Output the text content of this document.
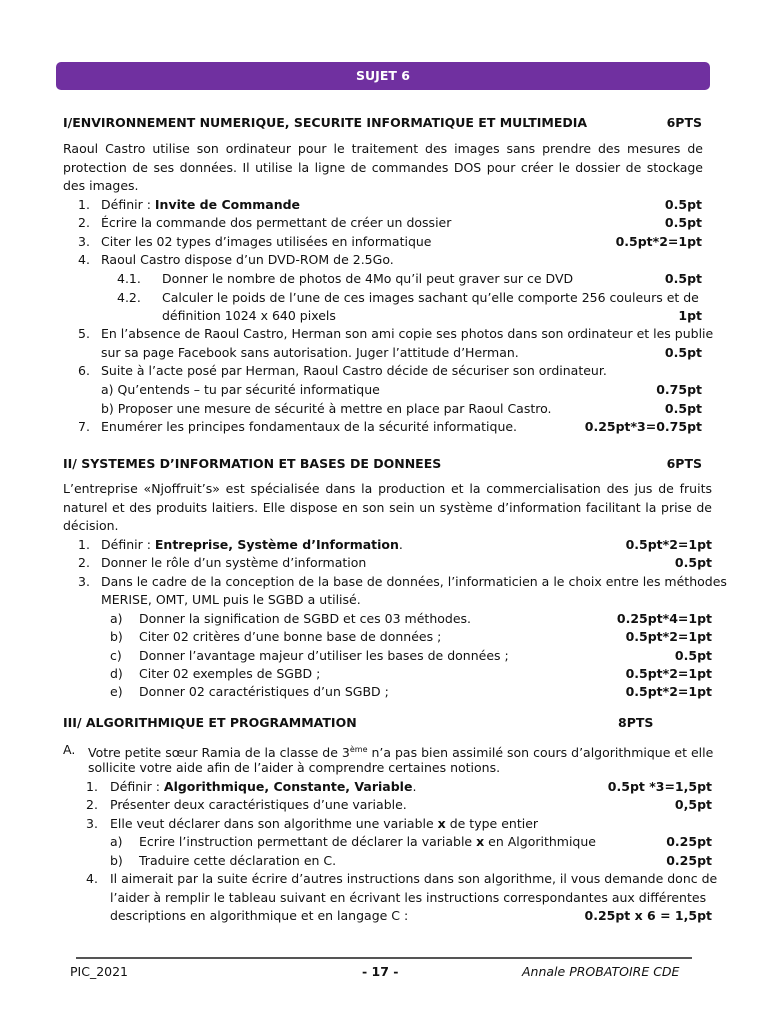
SUJET 6
I/ENVIRONNEMENT NUMERIQUE, SECURITE INFORMATIQUE ET MULTIMEDIA	6PTS
Raoul Castro utilise son ordinateur pour le traitement des images sans prendre des mesures de protection de ses données. Il utilise la ligne de commandes DOS pour créer le dossier de stockage des images.
1. Définir : Invite de Commande	0.5pt
2. Écrire la commande dos permettant de créer un dossier	0.5pt
3. Citer les 02 types d’images utilisées en informatique	0.5pt*2=1pt
4. Raoul Castro dispose d’un DVD-ROM de 2.5Go.
4.1. Donner le nombre de photos de 4Mo qu’il peut graver sur ce DVD	0.5pt
4.2. Calculer le poids de l’une de ces images sachant qu’elle comporte 256 couleurs et de
définition 1024 x 640 pixels	1pt
5. En l’absence de Raoul Castro, Herman son ami copie ses photos dans son ordinateur et les publie
sur sa page Facebook sans autorisation. Juger l’attitude d’Herman.	0.5pt
6. Suite à l’acte posé par Herman, Raoul Castro décide de sécuriser son ordinateur.
a) Qu’entends – tu par sécurité informatique	0.75pt
b) Proposer une mesure de sécurité à mettre en place par Raoul Castro.	0.5pt
7. Enumérer les principes fondamentaux de la sécurité informatique.	0.25pt*3=0.75pt
II/ SYSTEMES D’INFORMATION ET BASES DE DONNEES	6PTS
L’entreprise «Njoffruit’s» est spécialisée dans la production et la commercialisation des jus de fruits naturel et des produits laitiers. Elle dispose en son sein un système d’information facilitant la prise de décision.
1. Définir : Entreprise, Système d’Information.	0.5pt*2=1pt
2. Donner le rôle d’un système d’information	0.5pt
3. Dans le cadre de la conception de la base de données, l’informaticien a le choix entre les méthodes
MERISE, OMT, UML puis le SGBD a utilisé.
a) Donner la signification de SGBD et ces 03 méthodes.	0.25pt*4=1pt
b) Citer 02 critères d’une bonne base de données ;	0.5pt*2=1pt
c) Donner l’avantage majeur d’utiliser les bases de données ;	0.5pt
d) Citer 02 exemples de SGBD ;	0.5pt*2=1pt
e) Donner 02 caractéristiques d’un SGBD ;	0.5pt*2=1pt
III/ ALGORITHMIQUE ET PROGRAMMATION	8PTS
A. Votre petite sœur Ramia de la classe de 3ème n’a pas bien assimilé son cours d’algorithmique et elle
sollicite votre aide afin de l’aider à comprendre certaines notions.
1. Définir : Algorithmique, Constante, Variable.	0.5pt *3=1,5pt
2. Présenter deux caractéristiques d’une variable.	0,5pt
3. Elle veut déclarer dans son algorithme une variable x de type entier
a) Ecrire l’instruction permettant de déclarer la variable x en Algorithmique	0.25pt
b) Traduire cette déclaration en C.	0.25pt
4. Il aimerait par la suite écrire d’autres instructions dans son algorithme, il vous demande donc de
l’aider à remplir le tableau suivant en écrivant les instructions correspondantes aux différentes
descriptions en algorithmique et en langage C :	0.25pt x 6 = 1,5pt
PIC_2021	- 17 -	Annale PROBATOIRE CDE
